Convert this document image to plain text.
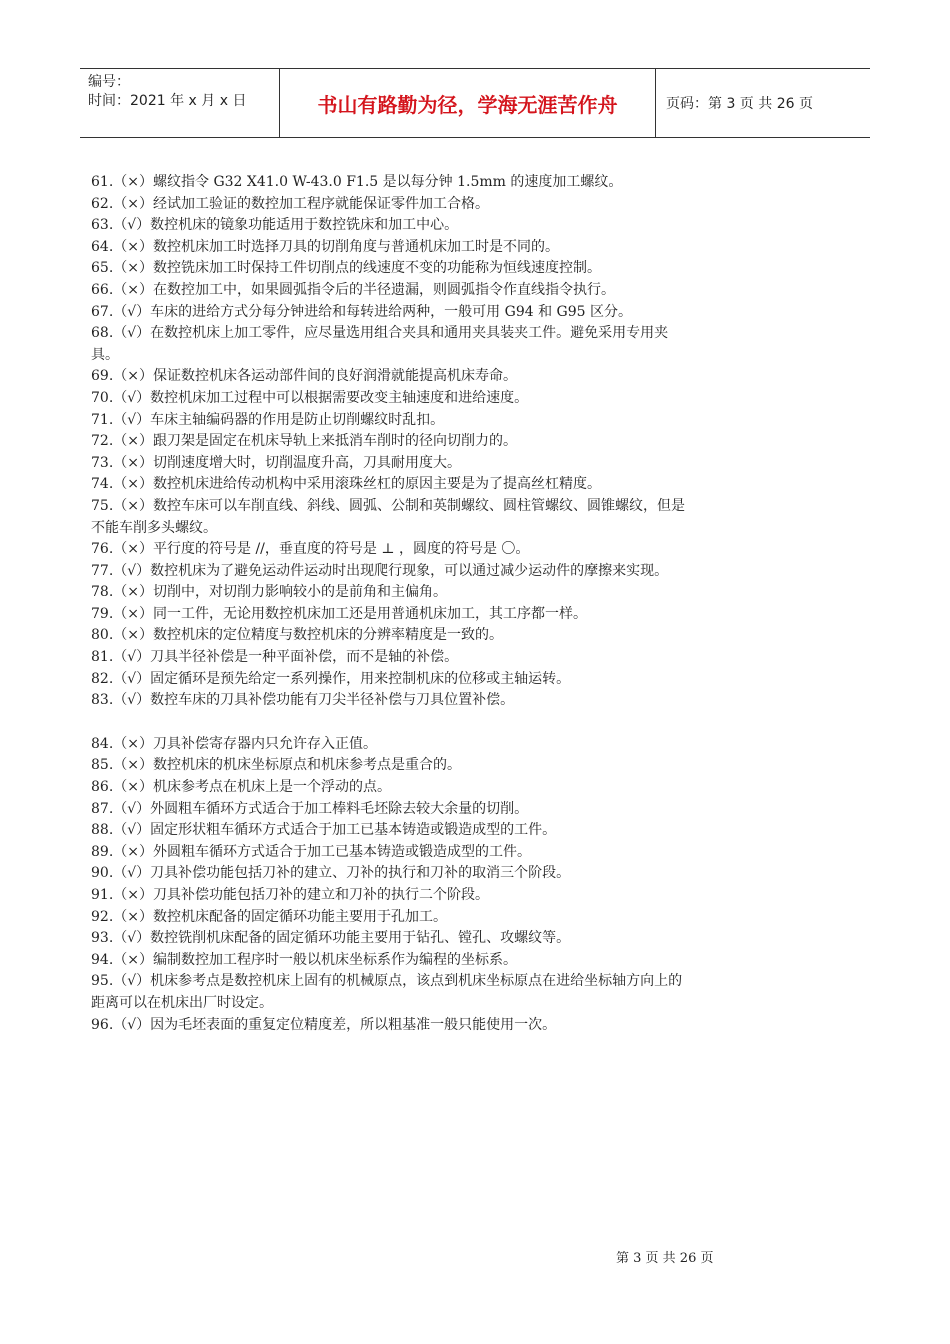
编号：
时间：2021 年 x 月 x 日	书山有路勤为径，学海无涯苦作舟	页码：第 3 页 共 26 页

61.（×）螺纹指令 G32 X41.0 W-43.0 F1.5 是以每分钟 1.5mm 的速度加工螺纹。

62.（×）经试加工验证的数控加工程序就能保证零件加工合格。

63.（√）数控机床的镜象功能适用于数控铣床和加工中心。

64.（×）数控机床加工时选择刀具的切削角度与普通机床加工时是不同的。

65.（×）数控铣床加工时保持工件切削点的线速度不变的功能称为恒线速度控制。

66.（×）在数控加工中，如果圆弧指令后的半径遗漏，则圆弧指令作直线指令执行。

67.（√）车床的进给方式分每分钟进给和每转进给两种，一般可用 G94 和 G95 区分。

68.（√）在数控机床上加工零件，应尽量选用组合夹具和通用夹具装夹工件。避免采用专用夹具。

69.（×）保证数控机床各运动部件间的良好润滑就能提高机床寿命。

70.（√）数控机床加工过程中可以根据需要改变主轴速度和进给速度。

71.（√）车床主轴编码器的作用是防止切削螺纹时乱扣。

72.（×）跟刀架是固定在机床导轨上来抵消车削时的径向切削力的。

73.（×）切削速度增大时，切削温度升高，刀具耐用度大。

74.（×）数控机床进给传动机构中采用滚珠丝杠的原因主要是为了提高丝杠精度。

75.（×）数控车床可以车削直线、斜线、圆弧、公制和英制螺纹、圆柱管螺纹、圆锥螺纹，但是不能车削多头螺纹。

76.（×）平行度的符号是 //，垂直度的符号是 ⊥ ，圆度的符号是 〇。

77.（√）数控机床为了避免运动件运动时出现爬行现象，可以通过减少运动件的摩擦来实现。

78.（×）切削中，对切削力影响较小的是前角和主偏角。

79.（×）同一工件，无论用数控机床加工还是用普通机床加工，其工序都一样。

80.（×）数控机床的定位精度与数控机床的分辨率精度是一致的。

81.（√）刀具半径补偿是一种平面补偿，而不是轴的补偿。

82.（√）固定循环是预先给定一系列操作，用来控制机床的位移或主轴运转。

83.（√）数控车床的刀具补偿功能有刀尖半径补偿与刀具位置补偿。

84.（×）刀具补偿寄存器内只允许存入正值。

85.（×）数控机床的机床坐标原点和机床参考点是重合的。

86.（×）机床参考点在机床上是一个浮动的点。

87.（√）外圆粗车循环方式适合于加工棒料毛坯除去较大余量的切削。

88.（√）固定形状粗车循环方式适合于加工已基本铸造或锻造成型的工件。

89.（×）外圆粗车循环方式适合于加工已基本铸造或锻造成型的工件。

90.（√）刀具补偿功能包括刀补的建立、刀补的执行和刀补的取消三个阶段。

91.（×）刀具补偿功能包括刀补的建立和刀补的执行二个阶段。

92.（×）数控机床配备的固定循环功能主要用于孔加工。

93.（√）数控铣削机床配备的固定循环功能主要用于钻孔、镗孔、攻螺纹等。

94.（×）编制数控加工程序时一般以机床坐标系作为编程的坐标系。

95.（√）机床参考点是数控机床上固有的机械原点，该点到机床坐标原点在进给坐标轴方向上的距离可以在机床出厂时设定。

96.（√）因为毛坯表面的重复定位精度差，所以粗基准一般只能使用一次。

第 3 页 共 26 页
